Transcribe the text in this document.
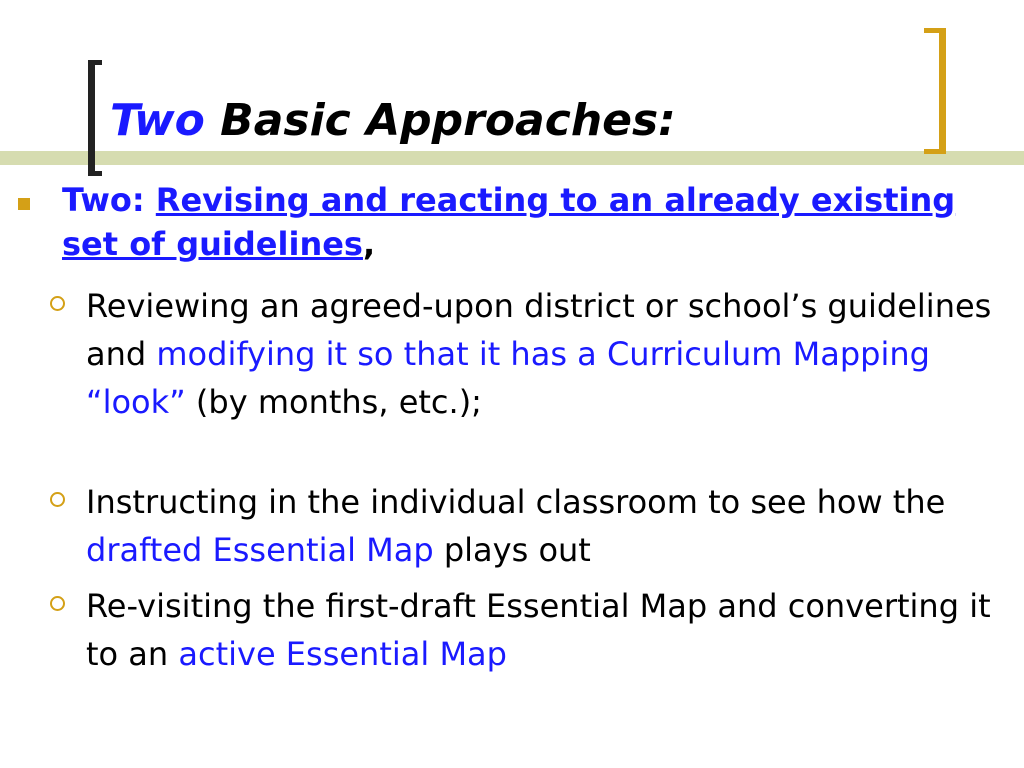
Two Basic Approaches:

Two: Revising and reacting to an already existing set of guidelines,

Reviewing an agreed-upon district or school’s guidelines and modifying it so that it has a Curriculum Mapping “look” (by months, etc.);

Instructing in the individual classroom to see how the drafted Essential Map plays out

Re-visiting the first-draft Essential Map and converting it to an active Essential Map
